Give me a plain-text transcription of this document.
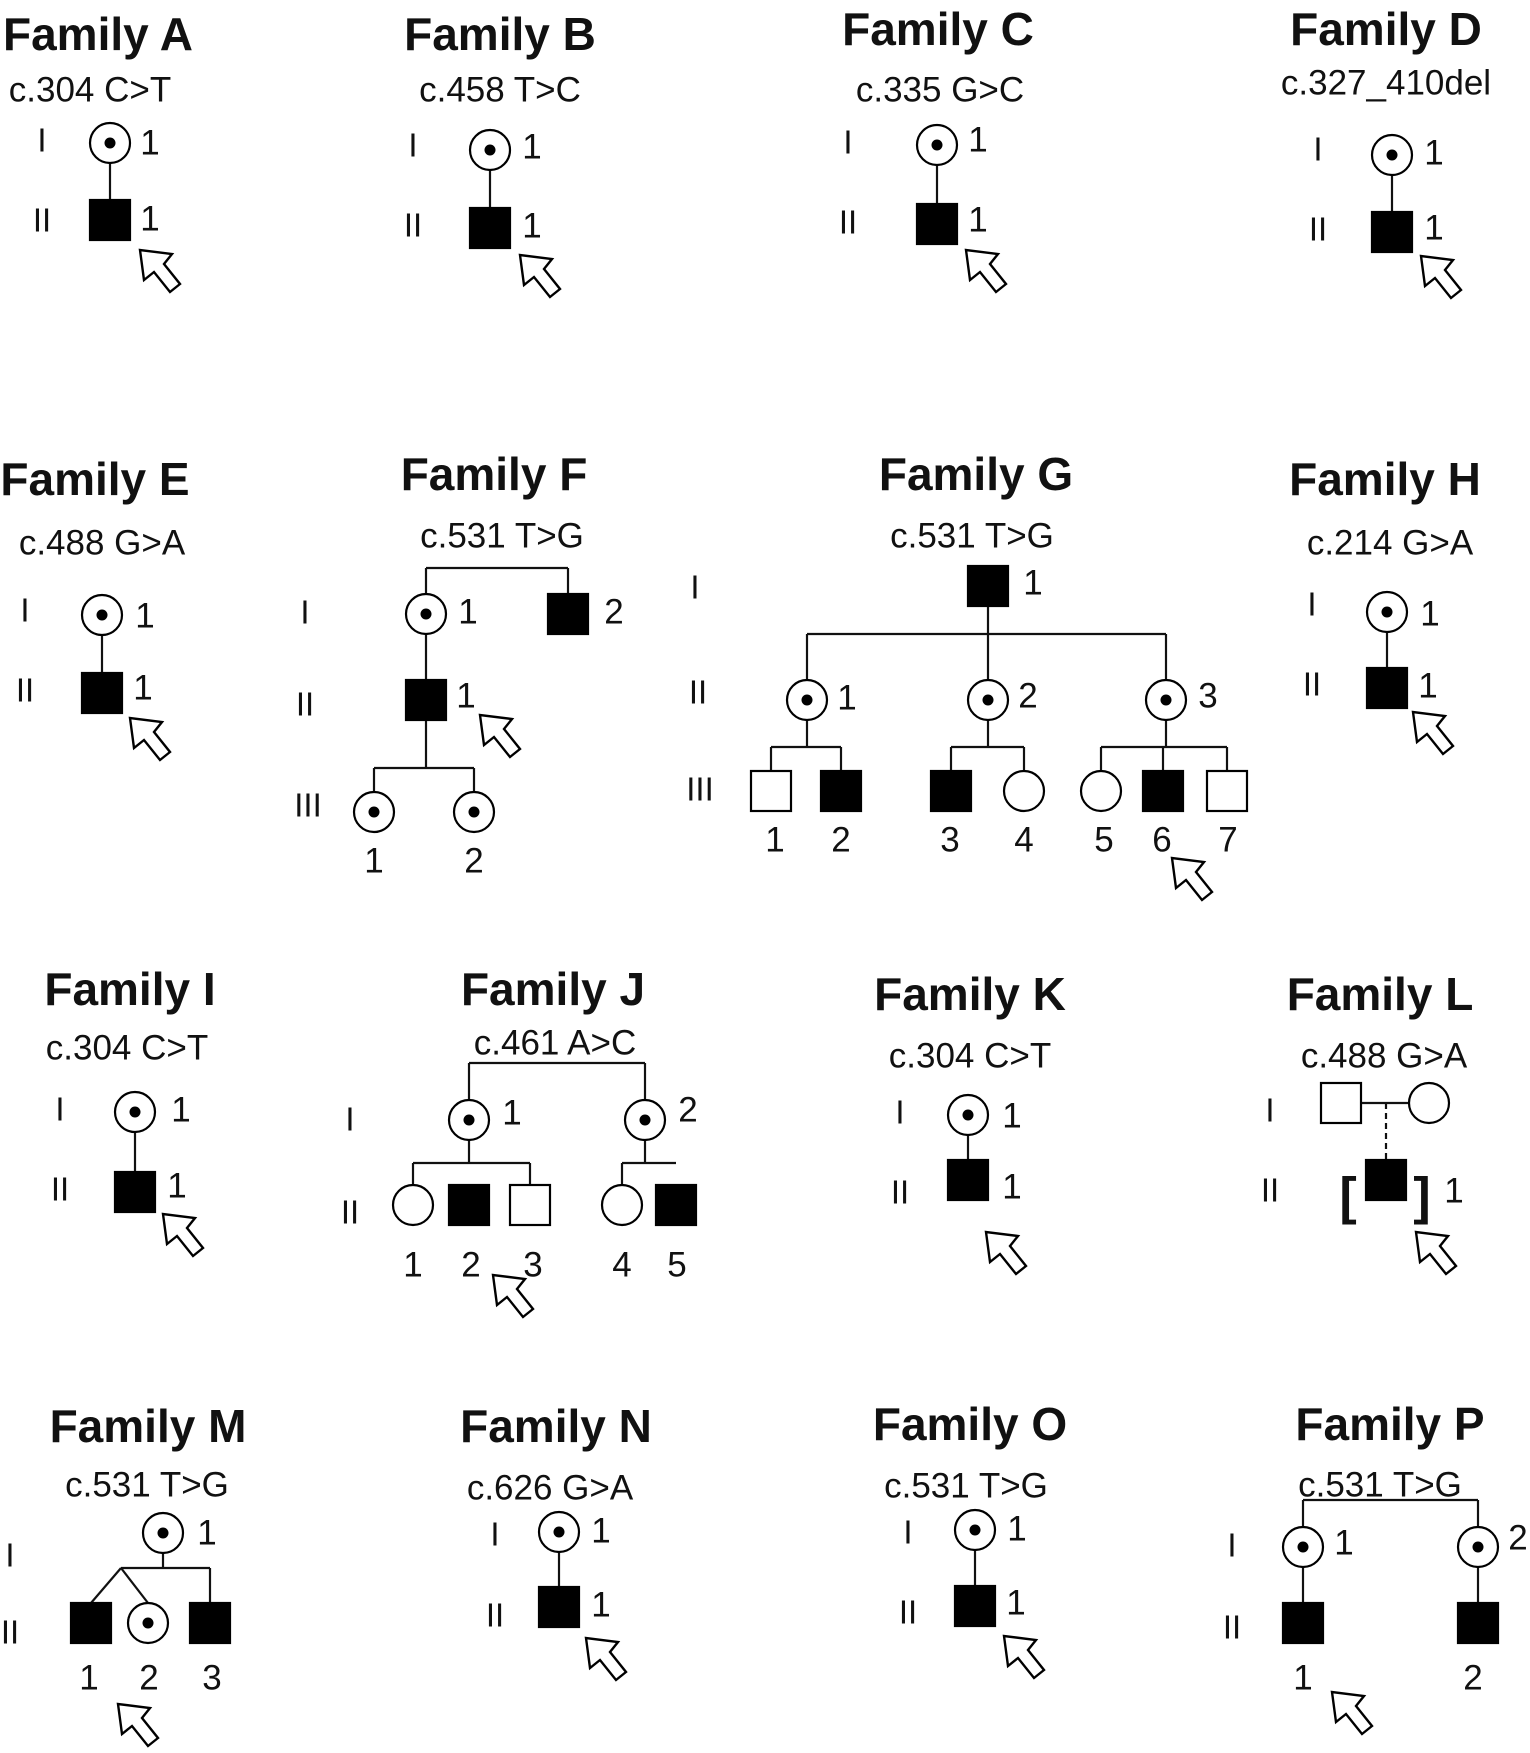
Family A
c.304 C>T
I
II
1
1
Family B
c.458 T>C
I
II
1
1
Family C
c.335 G>C
I
II
1
1
Family D
c.327_410del
I
II
1
1
Family E
c.488 G>A
I
II
1
1
Family F
c.531 T>G
I
II
III
1	2
1
1 2
Family G
c.531 T>G
I
II
III
1
1	2	3
1 2	3 4 5 6 7
Family H
c.214 G>A
I
II
1
1
Family I
c.304 C>T
I
II
1
1
Family J
c.461 A>C
I
II
1	2
1 2 3 4 5
Family K
c.304 C>T
I
II
1
1
Family L
c.488 G>A
I
II [ ] 1
Family M
c.531 T>G
I
II
1
1 2 3
Family N
c.626 G>A
I
II
1
1
Family O
c.531 T>G
I
II
1
1
Family P
c.531 T>G
I
II
1	2
1	2
